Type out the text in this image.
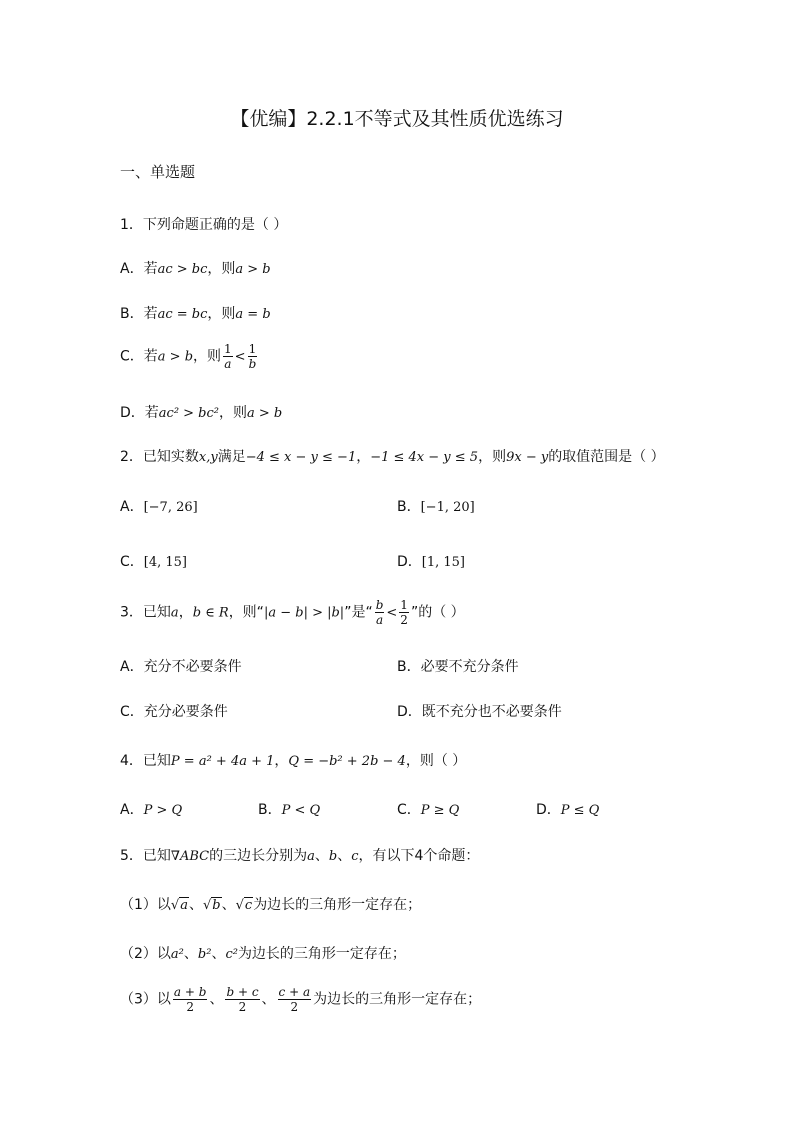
【优编】2.2.1不等式及其性质优选练习
一、单选题
1．下列命题正确的是（ ）
A．若ac > bc，则a > b
B．若ac = bc，则a = b
C．若a > b，则 $\frac{1}{a} < \frac{1}{b}$
D．若ac² > bc²，则a > b
2．已知实数x,y满足−4 ≤ x − y ≤ −1，−1 ≤ 4x − y ≤ 5，则9x − y的取值范围是（ ）
A．[−7, 26]	B．[−1, 20]
C．[4, 15]	D．[1, 15]
3．已知a，b ∈ R，则“|a − b| > |b|”是“ $\frac{b}{a} < \frac{1}{2}$ ”的（ ）
A．充分不必要条件	B．必要不充分条件
C．充分必要条件	D．既不充分也不必要条件
4．已知P = a² + 4a + 1，Q = −b² + 2b − 4，则（ ）
A．P > Q	B．P < Q	C．P ≥ Q	D．P ≤ Q
5．已知∇ABC的三边长分别为a、b、c，有以下4个命题：
（1）以√a、√b、√c为边长的三角形一定存在；
（2）以a²、b²、c²为边长的三角形一定存在；
（3）以 $\frac{a + b}{2}$ 、 $\frac{b + c}{2}$ 、 $\frac{c + a}{2}$ 为边长的三角形一定存在；
